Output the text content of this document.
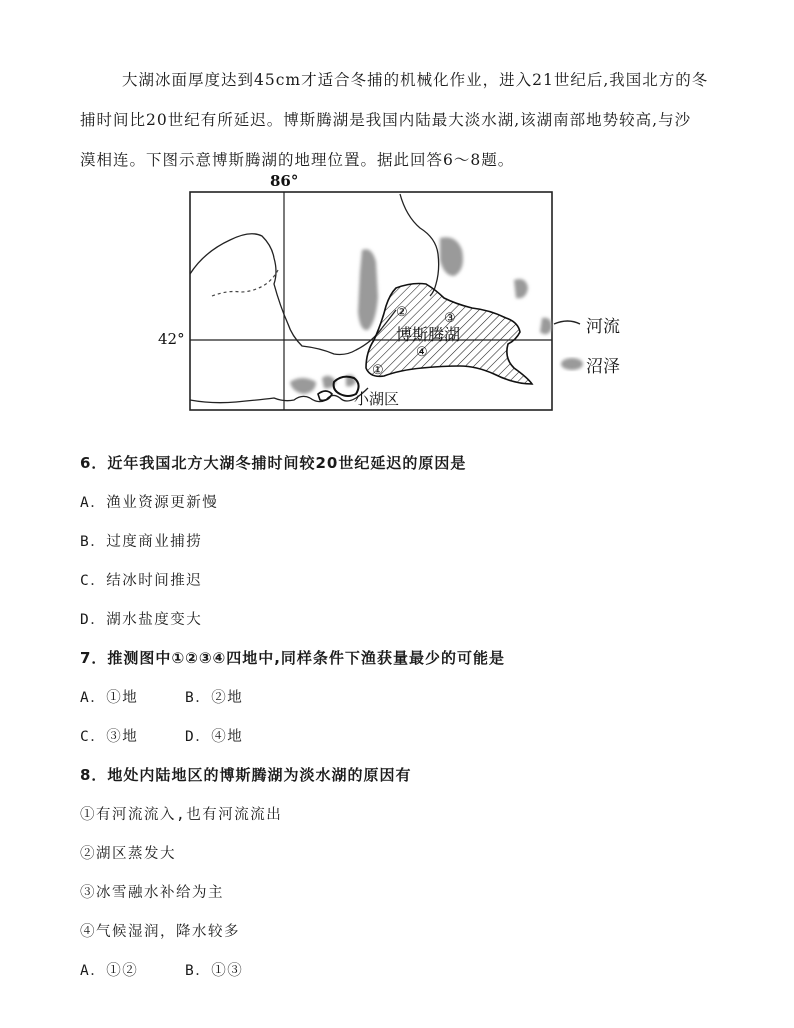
大湖冰面厚度达到45cm才适合冬捕的机械化作业，进入21世纪后,我国北方的冬

捕时间比20世纪有所延迟。博斯腾湖是我国内陆最大淡水湖,该湖南部地势较高,与沙

漠相连。下图示意博斯腾湖的地理位置。据此回答6～8题。

86°
42°
②	③
博斯腾湖
④
①
小湖区
河流
沼泽
6．近年我国北方大湖冬捕时间较20世纪延迟的原因是
A．渔业资源更新慢
B．过度商业捕捞
C．结冰时间推迟
D．湖水盐度变大
7．推测图中①②③④四地中,同样条件下渔获量最少的可能是
A．①地	B．②地
C．③地	D．④地
8．地处内陆地区的博斯腾湖为淡水湖的原因有
①有河流流入,也有河流流出
②湖区蒸发大
③冰雪融水补给为主
④气候湿润，降水较多
A．①②	B．①③
